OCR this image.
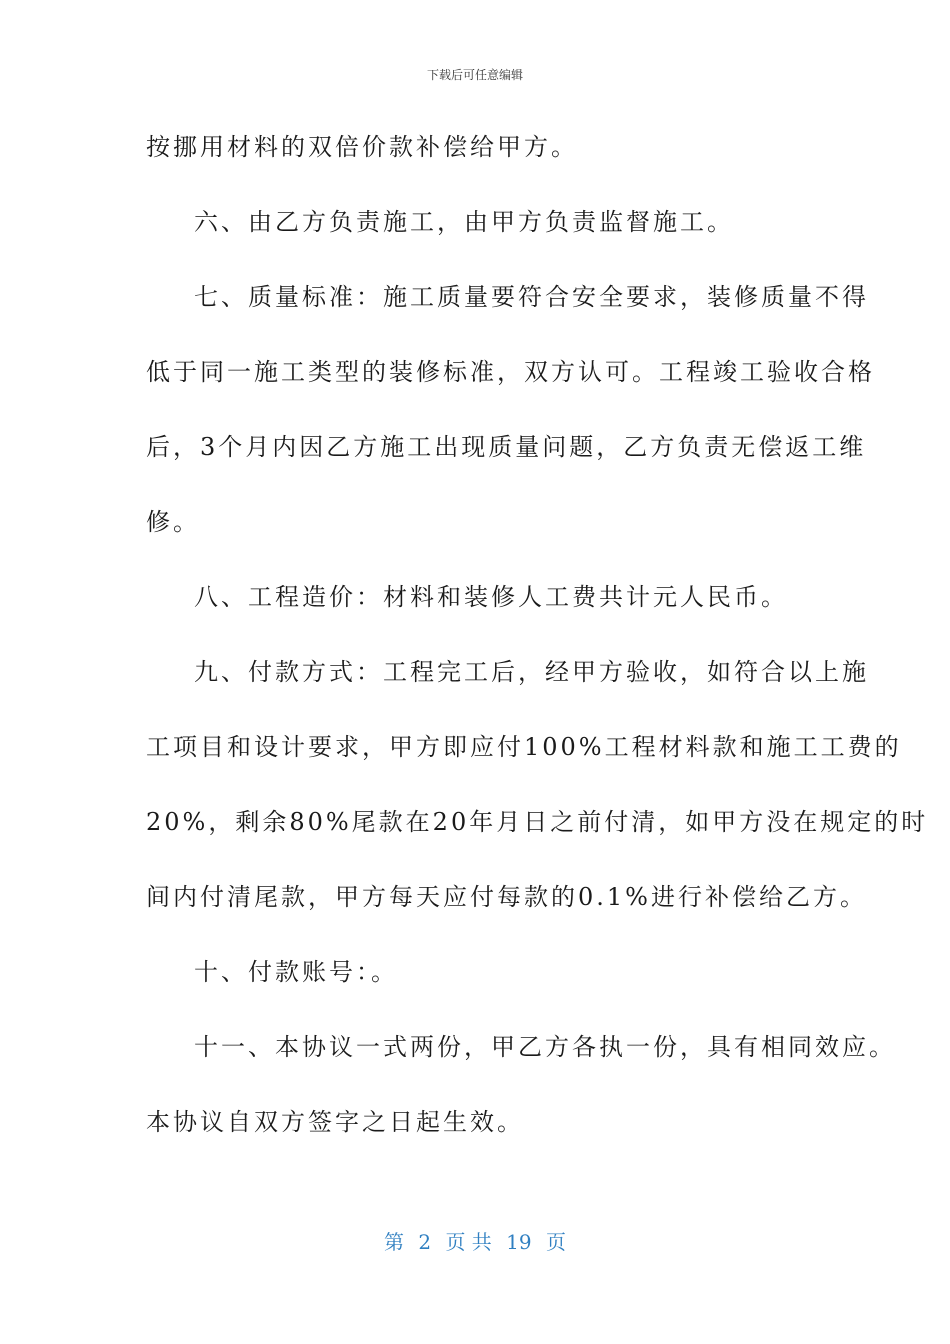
下载后可任意编辑
按挪用材料的双倍价款补偿给甲方。
六、由乙方负责施工，由甲方负责监督施工。
七、质量标准：施工质量要符合安全要求，装修质量不得
低于同一施工类型的装修标准，双方认可。工程竣工验收合格
后，3个月内因乙方施工出现质量问题，乙方负责无偿返工维
修。
八、工程造价：材料和装修人工费共计元人民币。
九、付款方式：工程完工后，经甲方验收，如符合以上施
工项目和设计要求，甲方即应付100%工程材料款和施工工费的
20%，剩余80%尾款在20年月日之前付清，如甲方没在规定的时
间内付清尾款，甲方每天应付每款的0.1%进行补偿给乙方。
十、付款账号：。
十一、本协议一式两份，甲乙方各执一份，具有相同效应。
本协议自双方签字之日起生效。
第 2 页 共 19 页
